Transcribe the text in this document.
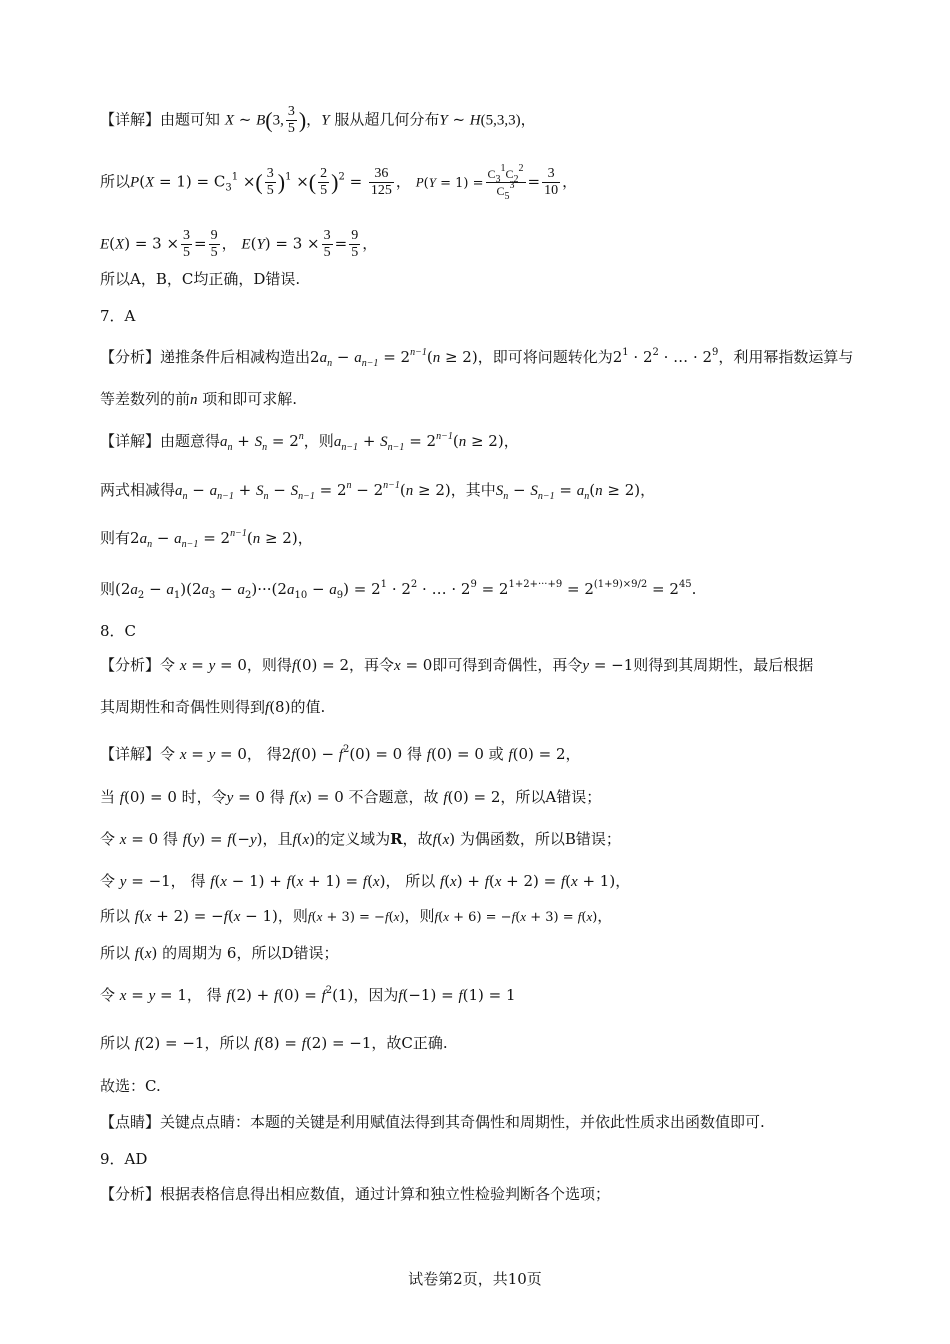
【详解】由题可知 X ~ B(3, $\frac{3}{5}$ )，Y 服从超几何分布Y ~ H(5,3,3)，
所以$P(X = 1) = C_3^1$ ×( $\frac{3}{5} )^1$ ×( $\frac{2}{5} )^2 = \frac{36}{125}$ ， $P(Y = 1) = \frac{C_3^1C_2^2}{C_5^3} = \frac{3}{10}$ ，
$E(X) = 3 \times \frac{3}{5} = \frac{9}{5}$ ， $E(Y) = 3 \times \frac{3}{5} = \frac{9}{5}$ ，
所以A，B，C均正确，D错误.
7．A
【分析】递推条件后相减构造出$2a_n - a_{n-1} = 2^{n-1}(n \ge 2)$，即可将问题转化为$2^1 \cdot 2^2$ · … · $2^9$，利用幂指数运算与
等差数列的前n 项和即可求解.
【详解】由题意得$a_n + S_n = 2^n$，则$a_{n-1} + S_{n-1} = 2^{n-1}(n \ge 2)$，
两式相减得$a_n - a_{n-1} + S_n - S_{n-1} = 2^n - 2^{n-1}(n \ge 2)$，其中$S_n - S_{n-1} = a_n(n \ge 2)$，
则有$2a_n - a_{n-1} = 2^{n-1}(n \ge 2)$，
则$(2a_2 - a_1)(2a_3 - a_2)\cdot\cdot\cdot(2a_{10} - a_9) = 2^1 \cdot 2^2$ · … · $2^9 = 2^{1+2+\cdot\cdot\cdot+9} = 2^{(1+9)\times 9/2} = 2^{45}$.
8．C
【分析】令 x = y = 0，则得f(0) = 2，再令x = 0即可得到奇偶性，再令y = −1则得到其周期性，最后根据
其周期性和奇偶性则得到f(8)的值.
【详解】令 x = y = 0， 得$2f(0) - f^2(0) = 0$ 得 f(0) = 0 或 f(0) = 2，
当 f(0) = 0 时，令y = 0 得 f(x) = 0 不合题意，故 f(0) = 2，所以A错误；
令 x = 0 得 f(y) = f(−y)，且f(x)的定义域为R，故f(x) 为偶函数，所以B错误；
令 y = −1， 得 f(x − 1) + f(x + 1) = f(x)， 所以 f(x) + f(x + 2) = f(x + 1)，
所以 f(x + 2) = −f(x − 1)，则f(x + 3) = −f(x)，则f(x + 6) = −f(x + 3) = f(x)，
所以 f(x) 的周期为 6，所以D错误；
令 x = y = 1， 得 $f(2) + f(0) = f^2(1)$，因为f(−1) = f(1) = 1
所以 f(2) = −1，所以 f(8) = f(2) = −1，故C正确.
故选：C.
【点睛】关键点点睛：本题的关键是利用赋值法得到其奇偶性和周期性，并依此性质求出函数值即可.
9．AD
【分析】根据表格信息得出相应数值，通过计算和独立性检验判断各个选项；
试卷第2页，共10页
